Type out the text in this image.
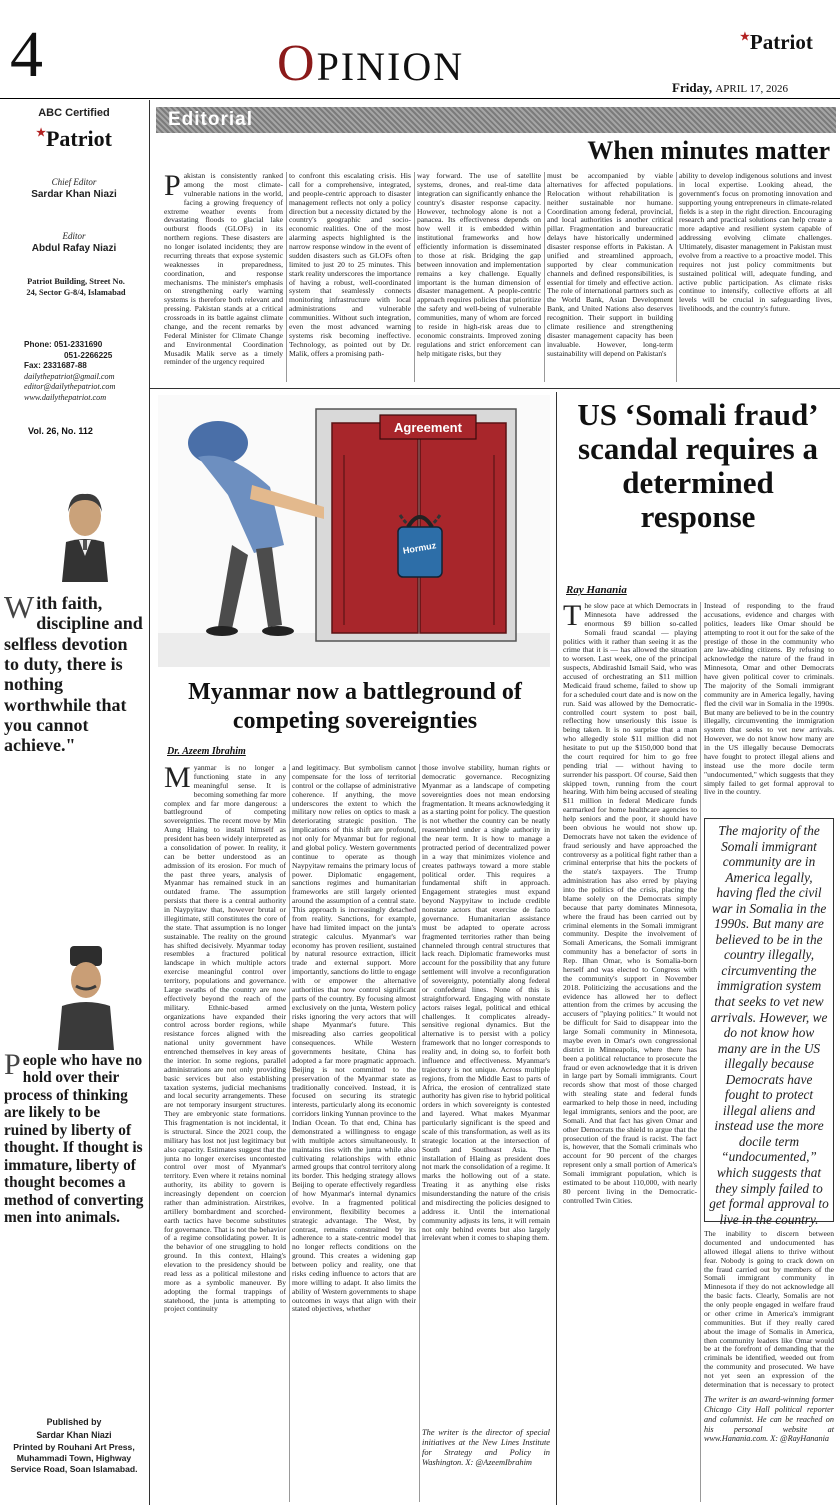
4	OPINION
★Patriot
Friday, APRIL 17, 2026
ABC Certified
★Patriot
Chief Editor
Sardar Khan Niazi
Editor
Abdul Rafay Niazi
Patriot Building, Street No. 24, Sector G-8/4, Islamabad
Phone: 051-2331690
051-2266225
Fax: 2331687-88
dailythepatriot@gmail.com
editor@dailythepatriot.com
www.dailythepatriot.com
Vol. 26, No. 112
With faith, discipline and selfless devotion to duty, there is nothing worthwhile that you cannot achieve."
People who have no hold over their process of thinking are likely to be ruined by liberty of thought. If thought is immature, liberty of thought becomes a method of converting men into animals.
Published by
Sardar Khan Niazi
Printed by Rouhani Art Press, Muhammadi Town, Highway Service Road, Soan Islamabad.
Editorial
When minutes matter

Pakistan is consistently ranked among the most climate-vulnerable nations in the world, facing a growing frequency of extreme weather events from devastating floods to glacial lake outburst floods (GLOFs) in its northern regions. These disasters are no longer isolated incidents; they are recurring threats that expose systemic weaknesses in preparedness, coordination, and response mechanisms. The minister's emphasis on strengthening early warning systems is therefore both relevant and pressing. Pakistan stands at a critical crossroads in its battle against climate change, and the recent remarks by Federal Minister for Climate Change and Environmental Coordination Musadik Malik serve as a timely reminder of the urgency required

to confront this escalating crisis. His call for a comprehensive, integrated, and people-centric approach to disaster management reflects not only a policy direction but a necessity dictated by the country's geographic and socio-economic realities. One of the most alarming aspects highlighted is the narrow response window in the event of sudden disasters such as GLOFs often limited to just 20 to 25 minutes. This stark reality underscores the importance of having a robust, well-coordinated system that seamlessly connects monitoring infrastructure with local administrations and vulnerable communities. Without such integration, even the most advanced warning systems risk becoming ineffective. Technology, as pointed out by Dr. Malik, offers a promising path-

way forward. The use of satellite systems, drones, and real-time data integration can significantly enhance the country's disaster response capacity. However, technology alone is not a panacea. Its effectiveness depends on how well it is embedded within institutional frameworks and how efficiently information is disseminated to those at risk. Bridging the gap between innovation and implementation remains a key challenge. Equally important is the human dimension of disaster management. A people-centric approach requires policies that prioritize the safety and well-being of vulnerable communities, many of whom are forced to reside in high-risk areas due to economic constraints. Improved zoning regulations and strict enforcement can help mitigate risks, but they

must be accompanied by viable alternatives for affected populations. Relocation without rehabilitation is neither sustainable nor humane. Coordination among federal, provincial, and local authorities is another critical pillar. Fragmentation and bureaucratic delays have historically undermined disaster response efforts in Pakistan. A unified and streamlined approach, supported by clear communication channels and defined responsibilities, is essential for timely and effective action. The role of international partners such as the World Bank, Asian Development Bank, and United Nations also deserves recognition. Their support in building climate resilience and strengthening disaster management capacity has been invaluable. However, long-term sustainability will depend on Pakistan's

ability to develop indigenous solutions and invest in local expertise. Looking ahead, the government's focus on promoting innovation and supporting young entrepreneurs in climate-related fields is a step in the right direction. Encouraging research and practical solutions can help create a more adaptive and resilient system capable of addressing evolving climate challenges. Ultimately, disaster management in Pakistan must evolve from a reactive to a proactive model. This requires not just policy commitments but sustained political will, adequate funding, and active public participation. As climate risks continue to intensify, collective efforts at all levels will be crucial in safeguarding lives, livelihoods, and the country's future.

Agreement
Hormuz
Myanmar now a battleground of competing sovereignties
Dr. Azeem Ibrahim

Myanmar is no longer a functioning state in any meaningful sense. It is becoming something far more complex and far more dangerous: a battleground of competing sovereignties. The recent move by Min Aung Hlaing to install himself as president has been widely interpreted as a consolidation of power. In reality, it can be better understood as an admission of its erosion. For much of the past three years, analysis of Myanmar has remained stuck in an outdated frame. The assumption persists that there is a central authority in Naypyitaw that, however brutal or illegitimate, still constitutes the core of the state. That assumption is no longer sustainable. The reality on the ground has shifted decisively. Myanmar today resembles a fractured political landscape in which multiple actors exercise meaningful control over territory, populations and governance. Large swaths of the country are now effectively beyond the reach of the military. Ethnic-based armed organizations have expanded their control across border regions, while resistance forces aligned with the national unity government have entrenched themselves in key areas of the interior. In some regions, parallel administrations are not only providing basic services but also establishing taxation systems, judicial mechanisms and local security arrangements. These are not temporary insurgent structures. They are embryonic state formations. This fragmentation is not incidental, it is structural. Since the 2021 coup, the military has lost not just legitimacy but also capacity. Estimates suggest that the junta no longer exercises uncontested control over most of Myanmar's territory. Even where it retains nominal authority, its ability to govern is increasingly dependent on coercion rather than administration. Airstrikes, artillery bombardment and scorched-earth tactics have become substitutes for governance. That is not the behavior of a regime consolidating power. It is the behavior of one struggling to hold ground. In this context, Hlaing's elevation to the presidency should be read less as a political milestone and more as a symbolic maneuver. By adopting the formal trappings of statehood, the junta is attempting to project continuity

and legitimacy. But symbolism cannot compensate for the loss of territorial control or the collapse of administrative coherence. If anything, the move underscores the extent to which the military now relies on optics to mask a deteriorating strategic position. The implications of this shift are profound, not only for Myanmar but for regional and global policy. Western governments continue to operate as though Naypyitaw remains the primary locus of power. Diplomatic engagement, sanctions regimes and humanitarian frameworks are still largely oriented around the assumption of a central state. This approach is increasingly detached from reality. Sanctions, for example, have had limited impact on the junta's strategic calculus. Myanmar's war economy has proven resilient, sustained by natural resource extraction, illicit trade and external support. More importantly, sanctions do little to engage with or empower the alternative authorities that now control significant parts of the country. By focusing almost exclusively on the junta, Western policy risks ignoring the very actors that will shape Myanmar's future. This misreading also carries geopolitical consequences. While Western governments hesitate, China has adopted a far more pragmatic approach. Beijing is not committed to the preservation of the Myanmar state as traditionally conceived. Instead, it is focused on securing its strategic interests, particularly along its economic corridors linking Yunnan province to the Indian Ocean. To that end, China has demonstrated a willingness to engage with multiple actors simultaneously. It maintains ties with the junta while also cultivating relationships with ethnic armed groups that control territory along its border. This hedging strategy allows Beijing to operate effectively regardless of how Myanmar's internal dynamics evolve. In a fragmented political environment, flexibility becomes a strategic advantage. The West, by contrast, remains constrained by its adherence to a state-centric model that no longer reflects conditions on the ground. This creates a widening gap between policy and reality, one that risks ceding influence to actors that are more willing to adapt. It also limits the ability of Western governments to shape outcomes in ways that align with their stated objectives, whether

those involve stability, human rights or democratic governance. Recognizing Myanmar as a landscape of competing sovereignties does not mean endorsing fragmentation. It means acknowledging it as a starting point for policy. The question is not whether the country can be neatly reassembled under a single authority in the near term. It is how to manage a protracted period of decentralized power in a way that minimizes violence and creates pathways toward a more stable political order. This requires a fundamental shift in approach. Engagement strategies must expand beyond Naypyitaw to include credible nonstate actors that exercise de facto governance. Humanitarian assistance must be adapted to operate across fragmented territories rather than being channeled through central structures that lack reach. Diplomatic frameworks must account for the possibility that any future settlement will involve a reconfiguration of sovereignty, potentially along federal or confederal lines. None of this is straightforward. Engaging with nonstate actors raises legal, political and ethical challenges. It complicates already-sensitive regional dynamics. But the alternative is to persist with a policy framework that no longer corresponds to reality and, in doing so, to forfeit both influence and effectiveness. Myanmar's trajectory is not unique. Across multiple regions, from the Middle East to parts of Africa, the erosion of centralized state authority has given rise to hybrid political orders in which sovereignty is contested and layered. What makes Myanmar particularly significant is the speed and scale of this transformation, as well as its strategic location at the intersection of South and Southeast Asia. The installation of Hlaing as president does not mark the consolidation of a regime. It marks the hollowing out of a state. Treating it as anything else risks misunderstanding the nature of the crisis and misdirecting the policies designed to address it. Until the international community adjusts its lens, it will remain not only behind events but also largely irrelevant when it comes to shaping them.

The writer is the director of special initiatives at the New Lines Institute for Strategy and Policy in Washington. X: @AzeemIbrahim
US ‘Somali fraud’ scandal requires a determined response
Ray Hanania

The slow pace at which Democrats in Minnesota have addressed the enormous $9 billion so-called Somali fraud scandal — playing politics with it rather than seeing it as the crime that it is — has allowed the situation to worsen. Last week, one of the principal suspects, Abdirashid Ismail Said, who was accused of orchestrating an $11 million Medicaid fraud scheme, failed to show up for a scheduled court date and is now on the run. Said was allowed by the Democratic-controlled court system to post bail, reflecting how unseriously this issue is being taken. It is no surprise that a man who allegedly stole $11 million did not hesitate to put up the $150,000 bond that the court required for him to go free pending trial — without having to surrender his passport. Of course, Said then skipped town, running from the court hearing. With him being accused of stealing $11 million in federal Medicare funds earmarked for home healthcare agencies to help seniors and the poor, it should have been obvious he would not show up. Democrats have not taken the evidence of fraud seriously and have approached the controversy as a political fight rather than a criminal enterprise that hits the pockets of the state's taxpayers. The Trump administration has also erred by playing into the politics of the crisis, placing the blame solely on the Democrats simply because that party dominates Minnesota, where the fraud has been carried out by criminal elements in the Somali immigrant community. Despite the involvement of Somali Americans, the Somali immigrant community has a benefactor of sorts in Rep. Ilhan Omar, who is Somalia-born herself and was elected to Congress with the community's support in November 2018. Politicizing the accusations and the evidence has allowed her to deflect attention from the crimes by accusing the accusers of "playing politics." It would not be difficult for Said to disappear into the large Somali community in Minnesota, maybe even in Omar's own congressional district in Minneapolis, where there has been a political reluctance to prosecute the fraud or even acknowledge that it is driven in large part by Somali immigrants. Court records show that most of those charged with stealing state and federal funds earmarked to help those in need, including legal immigrants, seniors and the poor, are Somali. And that fact has given Omar and other Democrats the shield to argue that the prosecution of the fraud is racist. The fact is, however, that the Somali criminals who account for 90 percent of the charges represent only a small portion of America's Somali immigrant population, which is estimated to be about 110,000, with nearly 80 percent living in the Democratic-controlled Twin Cities.

Instead of responding to the fraud accusations, evidence and charges with politics, leaders like Omar should be attempting to root it out for the sake of the prestige of those in the community who are law-abiding citizens. By refusing to acknowledge the nature of the fraud in Minnesota, Omar and other Democrats have given political cover to criminals. The majority of the Somali immigrant community are in America legally, having fled the civil war in Somalia in the 1990s. But many are believed to be in the country illegally, circumventing the immigration system that seeks to vet new arrivals. However, we do not know how many are in the US illegally because Democrats have fought to protect illegal aliens and instead use the more docile term "undocumented," which suggests that they simply failed to get formal approval to live in the country.

The majority of the Somali immigrant community are in America legally, having fled the civil war in Somalia in the 1990s. But many are believed to be in the country illegally, circumventing the immigration system that seeks to vet new arrivals. However, we do not know how many are in the US illegally because Democrats have fought to protect illegal aliens and instead use the more docile term “undocumented,” which suggests that they simply failed to get formal approval to live in the country.

The inability to discern between documented and undocumented has allowed illegal aliens to thrive without fear. Nobody is going to crack down on the fraud carried out by members of the Somali immigrant community in Minnesota if they do not acknowledge all the basic facts. Clearly, Somalis are not the only people engaged in welfare fraud or other crime in America's immigrant communities. But if they really cared about the image of Somalis in America, then community leaders like Omar would be at the forefront of demanding that the criminals be identified, weeded out from the community and prosecuted. We have not yet seen an expression of the determination that is necessary to protect

The writer is an award-winning former Chicago City Hall political reporter and columnist. He can be reached on his personal website at www.Hanania.com. X: @RayHanania
